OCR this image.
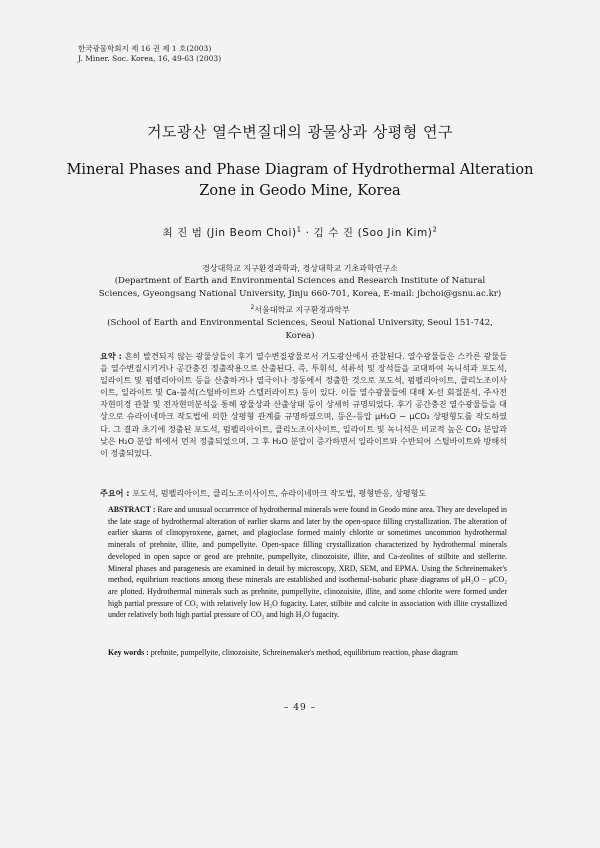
한국광물학회지 제 16 권 제 1 호(2003)
J. Miner. Soc. Korea, 16, 49-63 (2003)
거도광산 열수변질대의 광물상과 상평형 연구
Mineral Phases and Phase Diagram of Hydrothermal Alteration Zone in Geodo Mine, Korea
최 진 범 (Jin Beom Choi)$^1$ · 김 수 진 (Soo Jin Kim)$^2$
경상대학교 지구환경과학과, 경상대학교 기초과학연구소
(Department of Earth and Environmental Sciences and Research Institute of Natural Sciences, Gyeongsang National University, Jinju 660-701, Korea, E-mail: jbchoi@gsnu.ac.kr)
$^2$서울대학교 지구환경과학부
(School of Earth and Environmental Sciences, Seoul National University, Seoul 151-742, Korea)
요약 : 흔히 발견되지 않는 광물상들이 후기 열수변질광물로서 거도광산에서 관찰된다. 열수광물들은 스카른 광물들을 열수변질시키거나 공간충진 정출작용으로 산출된다. 즉, 투휘석, 석류석 및 장석들을 교대하여 녹니석과 포도석, 일라이트 및 펌펠리아이트 등을 산출하거나 열극이나 정동에서 정출한 것으로 포도석, 펌펠리아이트, 클리노조이사이트, 일라이트 및 Ca-불석(스틸바이트와 스텔러라이트) 등이 있다. 이들 열수광물들에 대해 X-선 회절분석, 주사전자현미경 관찰 및 전자현미분석을 통해 광물상과 산출상태 등이 상세히 규명되었다. 후기 공간충진 열수광물들을 대상으로 슈라이네마크 작도법에 의한 상평형 관계를 규명하였으며, 등온-등압 μH₂O − μCO₂ 상평형도를 작도하였다. 그 결과 초기에 정출된 포도석, 펌펠리아이트, 클리노조이사이트, 일라이트 및 녹니석은 비교적 높은 CO₂ 분압과 낮은 H₂O 분압 하에서 먼저 정출되었으며, 그 후 H₂O 분압이 증가하면서 일라이트와 수반되어 스틸바이트와 방해석이 정출되었다.
주요어 : 포도석, 펌펠리아이트, 클리노조이사이트, 슈라이네마크 작도법, 평형반응, 상평형도
ABSTRACT : Rare and unusual occurrence of hydrothermal minerals were found in Geodo mine area. They are developed in the late stage of hydrothermal alteration of earlier skarns and later by the open-space filling crystallization. The alteration of earlier skarns of clinopyroxene, garnet, and plagioclase formed mainly chlorite or sometimes uncommon hydrothermal minerals of prehnite, illite, and pumpellyite. Open-space filling crystallization characterized by hydrothermal minerals developed in open sapce or geod are prehnite, pumpellyite, clinozoisite, illite, and Ca-zeolites of stilbite and stellerite. Mineral phases and paragenesis are examined in detail by microscopy, XRD, SEM, and EPMA. Using the Schreinemaker's method, equibrium reactions among these minerals are established and isothemal-isobaric phase diagrams of μH₂O − μCO₂ are plotted. Hydrothermal minerals such as prehnite, pumpellyite, clinozoisite, illite, and some chlorite were formed under high partial pressure of CO₂ with relatively low H₂O fugacity. Later, stilbite and calcite in association with illite crystallized under relatively both high partial pressure of CO₂ and high H₂O fugacity.
Key words : prehnite, pumpellyite, clinozoisite, Schreinemaker's method, equilibrium reaction, phase diagram
– 49 –
